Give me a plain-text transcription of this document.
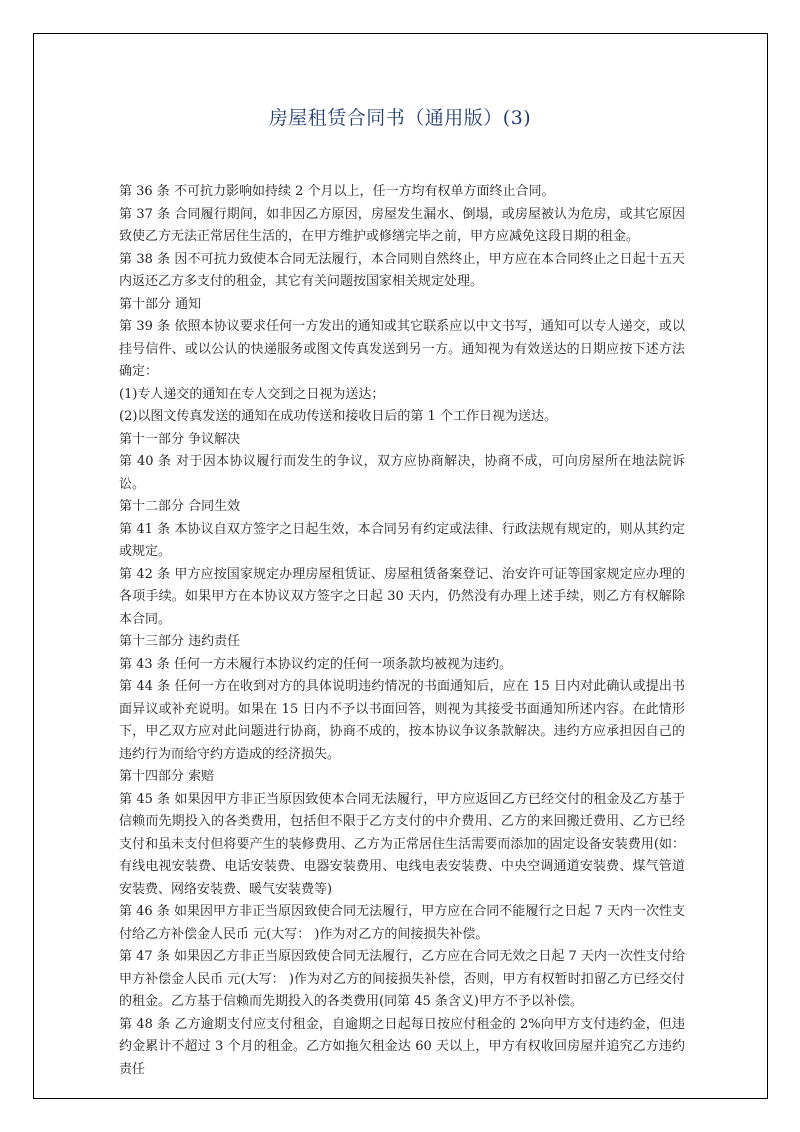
房屋租赁合同书（通用版）(3)

第 36 条 不可抗力影响如持续 2 个月以上，任一方均有权单方面终止合同。

第 37 条 合同履行期间，如非因乙方原因，房屋发生漏水、倒塌，或房屋被认为危房，或其它原因致使乙方无法正常居住生活的，在甲方维护或修缮完毕之前，甲方应减免这段日期的租金。

第 38 条 因不可抗力致使本合同无法履行，本合同则自然终止，甲方应在本合同终止之日起十五天内返还乙方多支付的租金，其它有关问题按国家相关规定处理。

第十部分 通知

第 39 条 依照本协议要求任何一方发出的通知或其它联系应以中文书写，通知可以专人递交，或以挂号信件、或以公认的快递服务或图文传真发送到另一方。通知视为有效送达的日期应按下述方法确定：

(1)专人递交的通知在专人交到之日视为送达；

(2)以图文传真发送的通知在成功传送和接收日后的第 1 个工作日视为送达。

第十一部分 争议解决

第 40 条 对于因本协议履行而发生的争议，双方应协商解决，协商不成，可向房屋所在地法院诉讼。

第十二部分 合同生效

第 41 条 本协议自双方签字之日起生效，本合同另有约定或法律、行政法规有规定的，则从其约定或规定。

第 42 条 甲方应按国家规定办理房屋租赁证、房屋租赁备案登记、治安许可证等国家规定应办理的各项手续。如果甲方在本协议双方签字之日起 30 天内，仍然没有办理上述手续，则乙方有权解除本合同。

第十三部分 违约责任

第 43 条 任何一方未履行本协议约定的任何一项条款均被视为违约。

第 44 条 任何一方在收到对方的具体说明违约情况的书面通知后，应在 15 日内对此确认或提出书面异议或补充说明。如果在 15 日内不予以书面回答，则视为其接受书面通知所述内容。在此情形下，甲乙双方应对此问题进行协商，协商不成的，按本协议争议条款解决。违约方应承担因自己的违约行为而给守约方造成的经济损失。

第十四部分 索赔

第 45 条 如果因甲方非正当原因致使本合同无法履行，甲方应返回乙方已经交付的租金及乙方基于信赖而先期投入的各类费用，包括但不限于乙方支付的中介费用、乙方的来回搬迁费用、乙方已经支付和虽未支付但将要产生的装修费用、乙方为正常居住生活需要而添加的固定设备安装费用(如：有线电视安装费、电话安装费、电器安装费用、电线电表安装费、中央空调通道安装费、煤气管道安装费、网络安装费、暖气安装费等)

第 46 条 如果因甲方非正当原因致使合同无法履行，甲方应在合同不能履行之日起 7 天内一次性支付给乙方补偿金人民币 元(大写： )作为对乙方的间接损失补偿。

第 47 条 如果因乙方非正当原因致使合同无法履行，乙方应在合同无效之日起 7 天内一次性支付给甲方补偿金人民币 元(大写： )作为对乙方的间接损失补偿，否则，甲方有权暂时扣留乙方已经交付的租金。乙方基于信赖而先期投入的各类费用(同第 45 条含义)甲方不予以补偿。

第 48 条 乙方逾期支付应支付租金，自逾期之日起每日按应付租金的 2%向甲方支付违约金，但违约金累计不超过 3 个月的租金。乙方如拖欠租金达 60 天以上，甲方有权收回房屋并追究乙方违约责任
